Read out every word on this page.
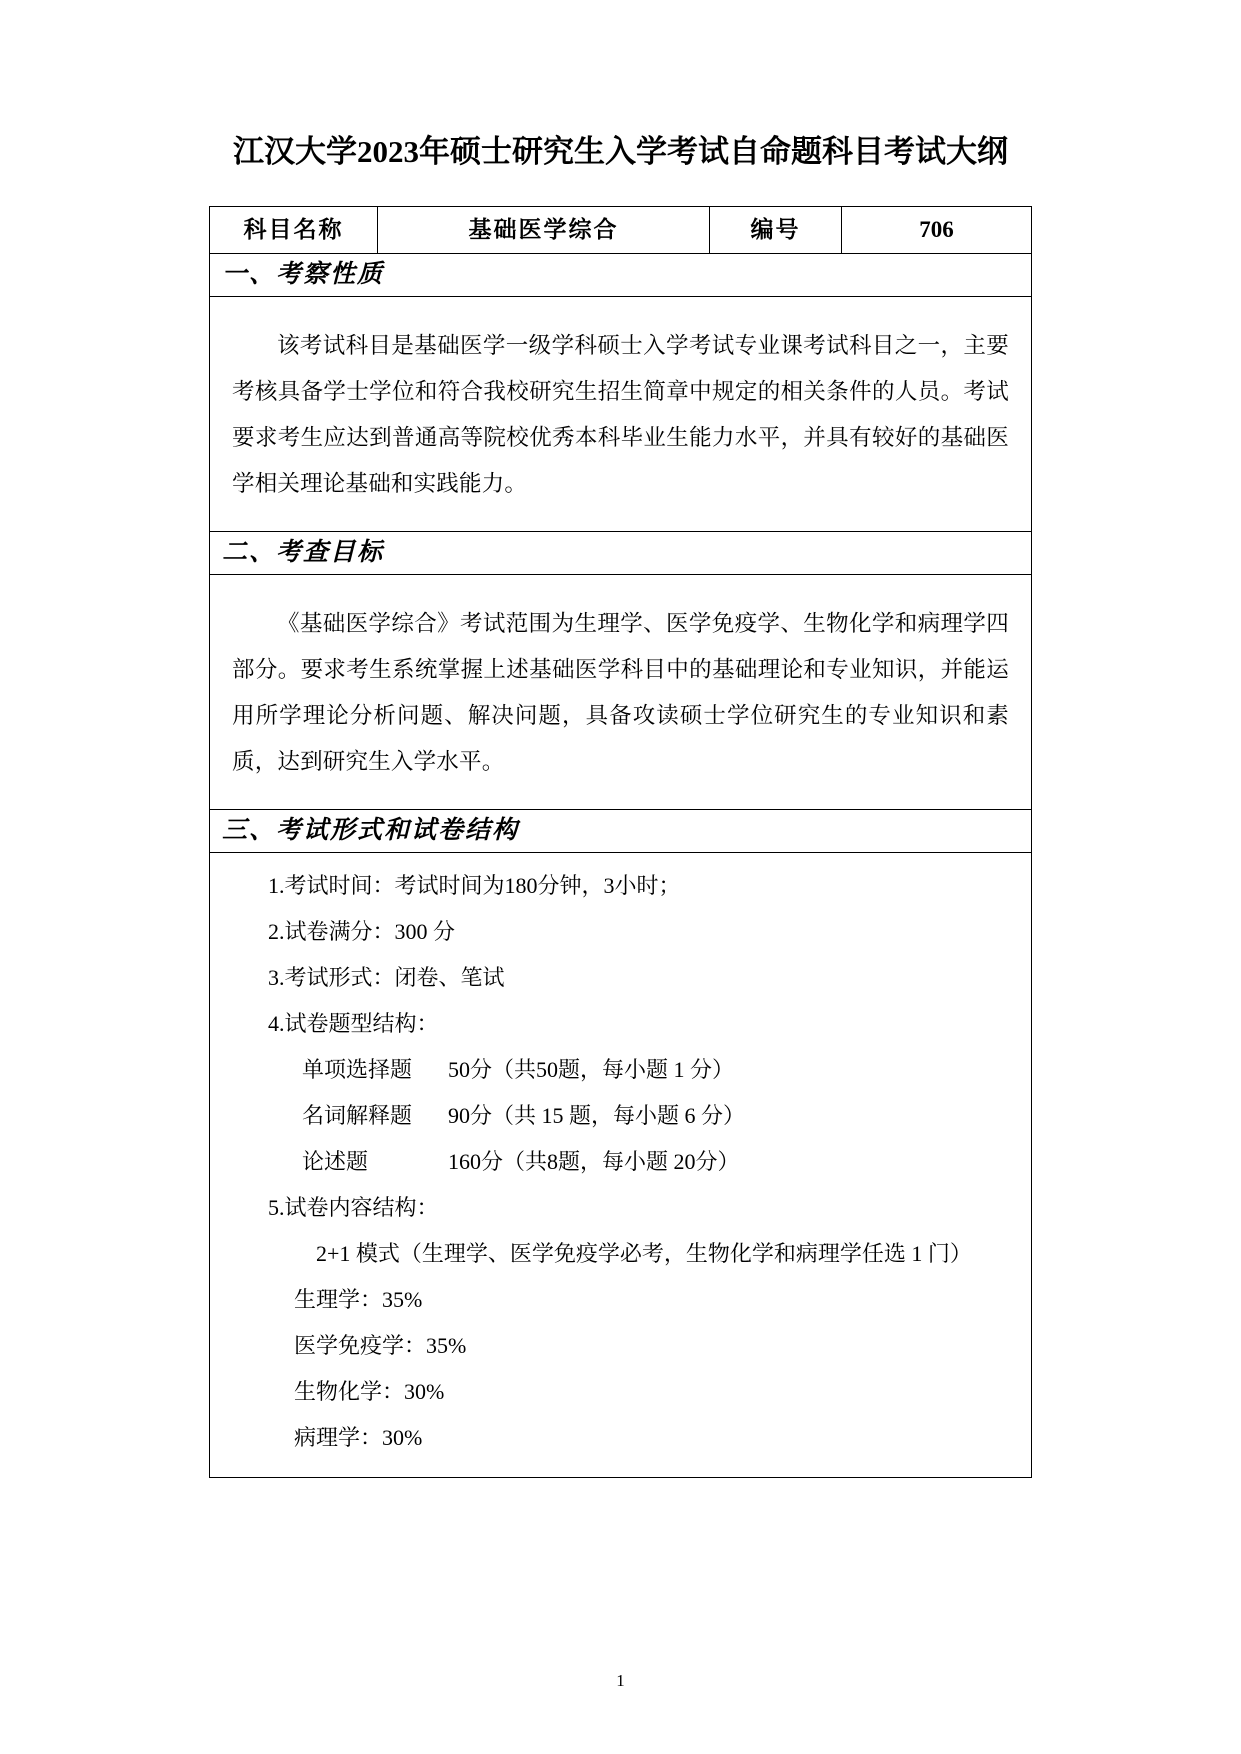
江汉大学2023年硕士研究生入学考试自命题科目考试大纲
科目名称	基础医学综合	编号	706
一、考察性质

该考试科目是基础医学一级学科硕士入学考试专业课考试科目之一，主要考核具备学士学位和符合我校研究生招生简章中规定的相关条件的人员。考试要求考生应达到普通高等院校优秀本科毕业生能力水平，并具有较好的基础医学相关理论基础和实践能力。

二、考查目标

《基础医学综合》考试范围为生理学、医学免疫学、生物化学和病理学四部分。要求考生系统掌握上述基础医学科目中的基础理论和专业知识，并能运用所学理论分析问题、解决问题，具备攻读硕士学位研究生的专业知识和素质，达到研究生入学水平。

三、考试形式和试卷结构

1.考试时间：考试时间为180分钟，3小时；

2.试卷满分：300 分

3.考试形式：闭卷、笔试

4.试卷题型结构：

单项选择题 50分（共50题，每小题 1 分）

名词解释题 90分（共 15 题，每小题 6 分）

论述题	160分（共8题，每小题 20分）

5.试卷内容结构：

2+1 模式（生理学、医学免疫学必考，生物化学和病理学任选 1 门）

生理学：35%

医学免疫学：35%

生物化学：30%

病理学：30%

1
